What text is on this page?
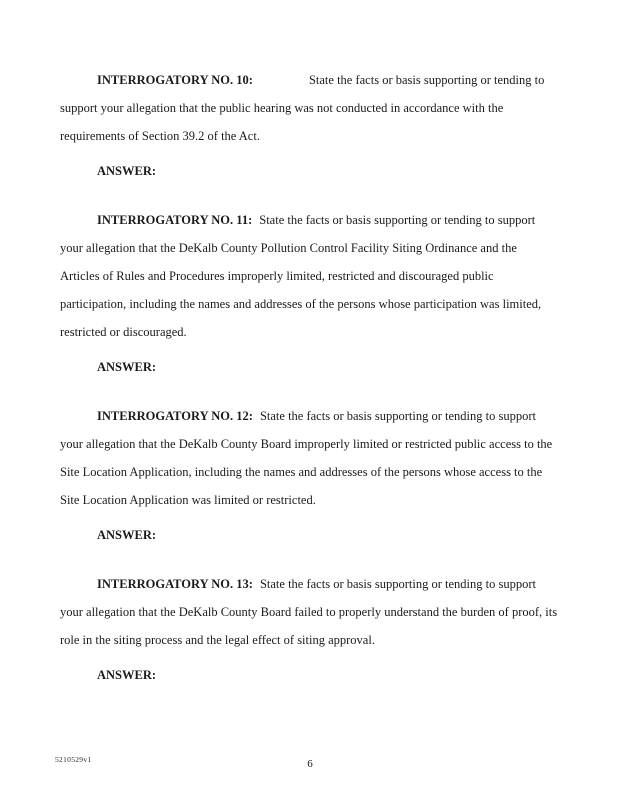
INTERROGATORY NO. 10:	State the facts or basis supporting or tending to support your allegation that the public hearing was not conducted in accordance with the requirements of Section 39.2 of the Act.

ANSWER:

INTERROGATORY NO. 11: State the facts or basis supporting or tending to support your allegation that the DeKalb County Pollution Control Facility Siting Ordinance and the Articles of Rules and Procedures improperly limited, restricted and discouraged public participation, including the names and addresses of the persons whose participation was limited, restricted or discouraged.

ANSWER:

INTERROGATORY NO. 12: State the facts or basis supporting or tending to support your allegation that the DeKalb County Board improperly limited or restricted public access to the Site Location Application, including the names and addresses of the persons whose access to the Site Location Application was limited or restricted.

ANSWER:

INTERROGATORY NO. 13: State the facts or basis supporting or tending to support your allegation that the DeKalb County Board failed to properly understand the burden of proof, its role in the siting process and the legal effect of siting approval.

ANSWER:

5210529v1	6
